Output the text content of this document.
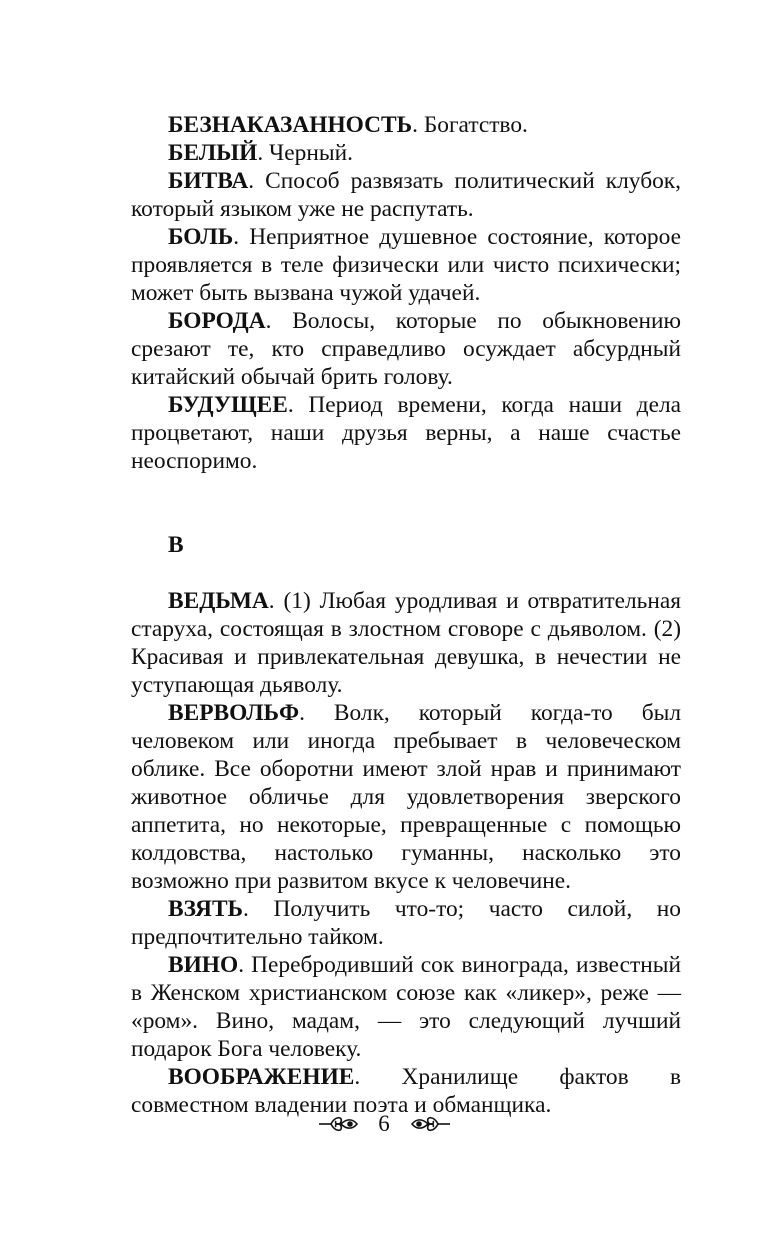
БЕЗНАКАЗАННОСТЬ. Богатство.

БЕЛЫЙ. Черный.

БИТВА. Способ развязать политический клубок, который языком уже не распутать.

БОЛЬ. Неприятное душевное состояние, которое проявляется в теле физически или чисто психически; может быть вызвана чужой удачей.

БОРОДА. Волосы, которые по обыкновению срезают те, кто справедливо осуждает абсурдный китайский обычай брить голову.

БУДУЩЕЕ. Период времени, когда наши дела процветают, наши друзья верны, а наше счастье неоспоримо.

В

ВЕДЬМА. (1) Любая уродливая и отвратительная старуха, состоящая в злостном сговоре с дьяволом. (2) Красивая и привлекательная девушка, в нечестии не уступающая дьяволу.

ВЕРВОЛЬФ. Волк, который когда-то был человеком или иногда пребывает в человеческом облике. Все оборотни имеют злой нрав и принимают животное обличье для удовлетворения зверского аппетита, но некоторые, превращенные с помощью колдовства, настолько гуманны, насколько это возможно при развитом вкусе к человечине.

ВЗЯТЬ. Получить что-то; часто силой, но предпочтительно тайком.

ВИНО. Перебродивший сок винограда, известный в Женском христианском союзе как «ликер», реже — «ром». Вино, мадам, — это следующий лучший подарок Бога человеку.

ВООБРАЖЕНИЕ. Хранилище фактов в совместном владении поэта и обманщика.

6
